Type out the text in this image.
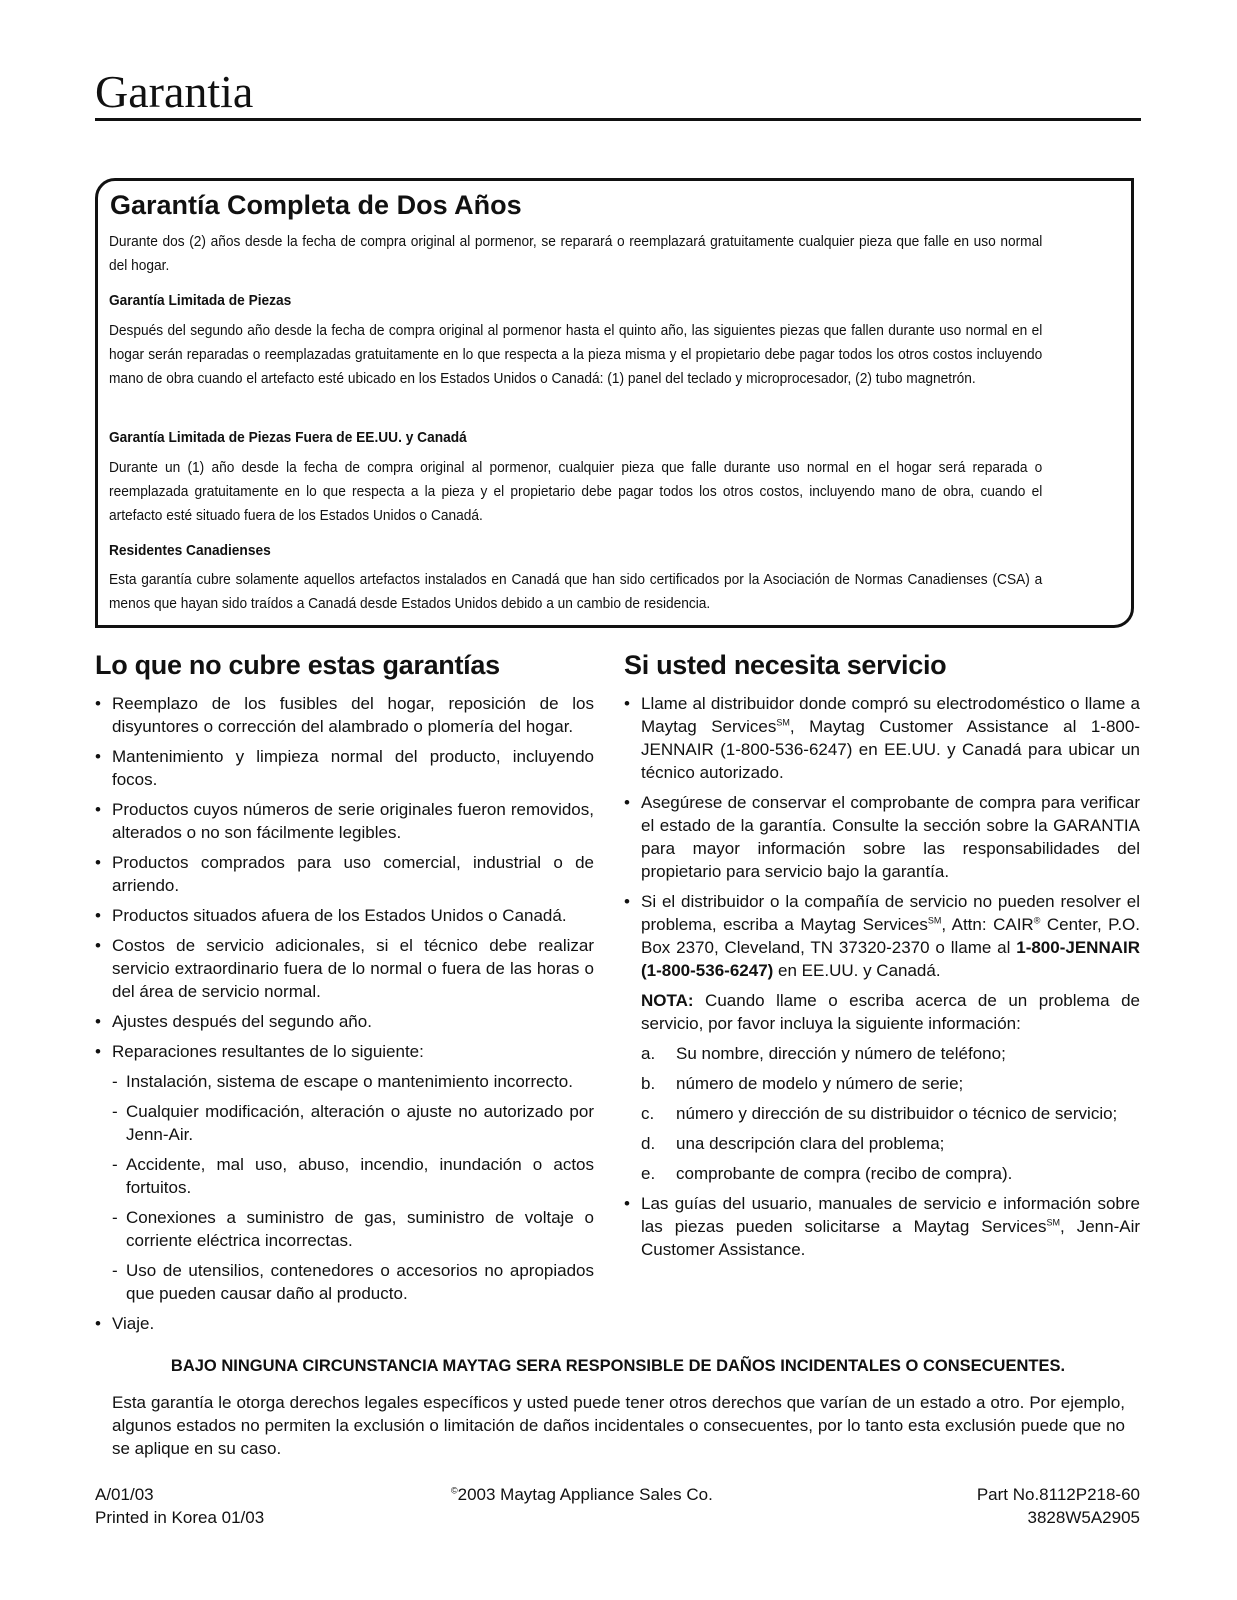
Garantia
Garantía Completa de Dos Años

Durante dos (2) años desde la fecha de compra original al pormenor, se reparará o reemplazará gratuitamente cualquier pieza que falle en uso normal del hogar.

Garantía Limitada de Piezas

Después del segundo año desde la fecha de compra original al pormenor hasta el quinto año, las siguientes piezas que fallen durante uso normal en el hogar serán reparadas o reemplazadas gratuitamente en lo que respecta a la pieza misma y el propietario debe pagar todos los otros costos incluyendo mano de obra cuando el artefacto esté ubicado en los Estados Unidos o Canadá: (1) panel del teclado y microprocesador, (2) tubo magnetrón.

Garantía Limitada de Piezas Fuera de EE.UU. y Canadá

Durante un (1) año desde la fecha de compra original al pormenor, cualquier pieza que falle durante uso normal en el hogar será reparada o reemplazada gratuitamente en lo que respecta a la pieza y el propietario debe pagar todos los otros costos, incluyendo mano de obra, cuando el artefacto esté situado fuera de los Estados Unidos o Canadá.

Residentes Canadienses

Esta garantía cubre solamente aquellos artefactos instalados en Canadá que han sido certificados por la Asociación de Normas Canadienses (CSA) a menos que hayan sido traídos a Canadá desde Estados Unidos debido a un cambio de residencia.

Lo que no cubre estas garantías
• Reemplazo de los fusibles del hogar, reposición de los disyuntores o corrección del alambrado o plomería del hogar.
• Mantenimiento y limpieza normal del producto, incluyendo focos.
• Productos cuyos números de serie originales fueron removidos, alterados o no son fácilmente legibles.
• Productos comprados para uso comercial, industrial o de arriendo.
• Productos situados afuera de los Estados Unidos o Canadá.
• Costos de servicio adicionales, si el técnico debe realizar servicio extraordinario fuera de lo normal o fuera de las horas o del área de servicio normal.
• Ajustes después del segundo año.
• Reparaciones resultantes de lo siguiente:
- Instalación, sistema de escape o mantenimiento incorrecto.
- Cualquier modificación, alteración o ajuste no autorizado por Jenn-Air.
- Accidente, mal uso, abuso, incendio, inundación o actos fortuitos.
- Conexiones a suministro de gas, suministro de voltaje o corriente eléctrica incorrectas.
- Uso de utensilios, contenedores o accesorios no apropiados que pueden causar daño al producto.
• Viaje.
Si usted necesita servicio
• Llame al distribuidor donde compró su electrodoméstico o llame a Maytag Services℠, Maytag Customer Assistance al 1-800-JENNAIR (1-800-536-6247) en EE.UU. y Canadá para ubicar un técnico autorizado.
• Asegúrese de conservar el comprobante de compra para verificar el estado de la garantía. Consulte la sección sobre la GARANTIA para mayor información sobre las responsabilidades del propietario para servicio bajo la garantía.
• Si el distribuidor o la compañía de servicio no pueden resolver el problema, escriba a Maytag Services℠, Attn: CAIR® Center, P.O. Box 2370, Cleveland, TN 37320-2370 o llame al 1-800-JENNAIR (1-800-536-6247) en EE.UU. y Canadá.
NOTA: Cuando llame o escriba acerca de un problema de servicio, por favor incluya la siguiente información:
a. Su nombre, dirección y número de teléfono;
b. número de modelo y número de serie;
c. número y dirección de su distribuidor o técnico de servicio;
d. una descripción clara del problema;
e. comprobante de compra (recibo de compra).
• Las guías del usuario, manuales de servicio e información sobre las piezas pueden solicitarse a Maytag Services℠, Jenn-Air Customer Assistance.

BAJO NINGUNA CIRCUNSTANCIA MAYTAG SERA RESPONSIBLE DE DAÑOS INCIDENTALES O CONSECUENTES.

Esta garantía le otorga derechos legales específicos y usted puede tener otros derechos que varían de un estado a otro. Por ejemplo, algunos estados no permiten la exclusión o limitación de daños incidentales o consecuentes, por lo tanto esta exclusión puede que no se aplique en su caso.

A/01/03
Printed in Korea 01/03
©2003 Maytag Appliance Sales Co.	Part No.8112P218-60
3828W5A2905
